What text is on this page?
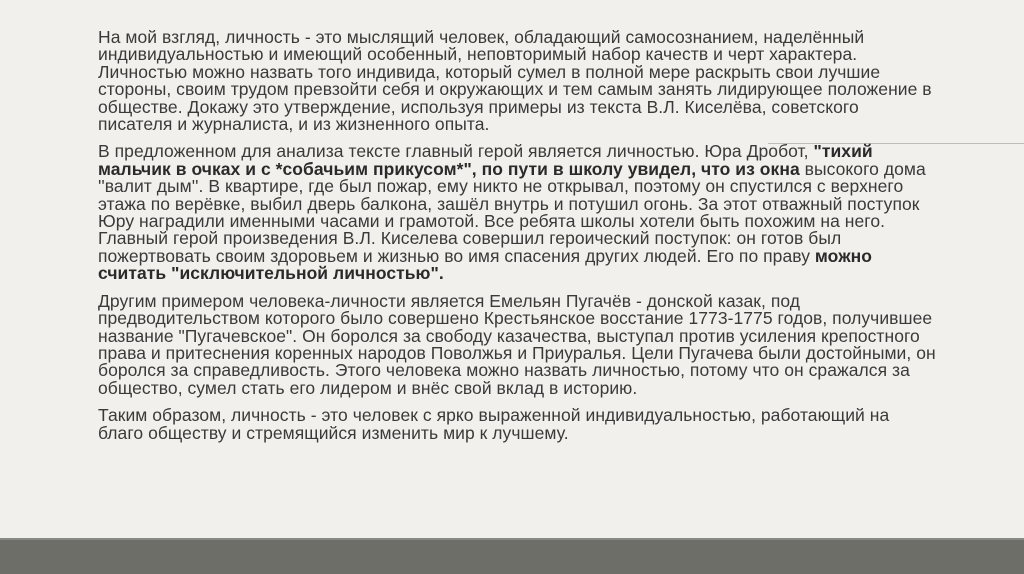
На мой взгляд, личность - это мыслящий человек, обладающий самосознанием, наделённый индивидуальностью и имеющий особенный, неповторимый набор качеств и черт характера. Личностью можно назвать того индивида, который сумел в полной мере раскрыть свои лучшие стороны, своим трудом превзойти себя и окружающих и тем самым занять лидирующее положение в обществе. Докажу это утверждение, используя примеры из текста В.Л. Киселёва, советского писателя и журналиста, и из жизненного опыта.

В предложенном для анализа тексте главный герой является личностью. Юра Дробот, "тихий мальчик в очках и с *собачьим прикусом*", по пути в школу увидел, что из окна высокого дома ''валит дым''. В квартире, где был пожар, ему никто не открывал, поэтому он спустился с верхнего этажа по верёвке, выбил дверь балкона, зашёл внутрь и потушил огонь. За этот отважный поступок Юру наградили именными часами и грамотой. Все ребята школы хотели быть похожим на него. Главный герой произведения В.Л. Киселева совершил героический поступок: он готов был пожертвовать своим здоровьем и жизнью во имя спасения других людей. Его по праву можно считать "исключительной личностью".

Другим примером человека-личности является Емельян Пугачёв - донской казак, под предводительством которого было совершено Крестьянское восстание 1773-1775 годов, получившее название "Пугачевское". Он боролся за свободу казачества, выступал против усиления крепостного права и притеснения коренных народов Поволжья и Приуралья. Цели Пугачева были достойными, он боролся за справедливость. Этого человека можно назвать личностью, потому что он сражался за общество, сумел стать его лидером и внёс свой вклад в историю.

Таким образом, личность - это человек с ярко выраженной индивидуальностью, работающий на благо обществу и стремящийся изменить мир к лучшему.
